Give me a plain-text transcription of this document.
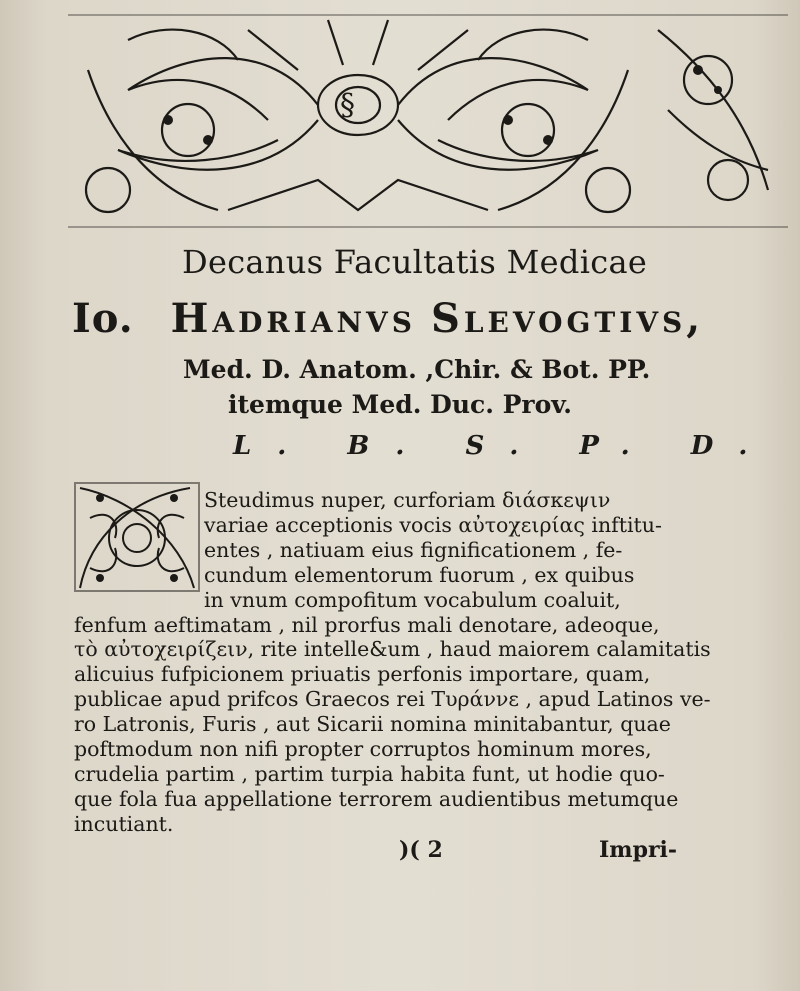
§
Decanus Facultatis Medicae
Io. Hadrianvs Slevogtivs,
Med. D. Anatom. ,Chir. & Bot. PP.
itemque Med. Duc. Prov.
L. B. S. P. D.
Steudimus nuper, curforiam διάσκεψιν
variae acceptionis vocis αὐτοχειρίας inftitu-
entes , natiuam eius fignificationem , fe-
cundum elementorum fuorum , ex quibus
in vnum compofitum vocabulum coaluit,
fenfum aeftimatam , nil prorfus mali denotare, adeoque,
τὸ αὐτοχειρίζειν, rite intelle&um , haud maiorem calamitatis
alicuius fufpicionem priuatis perfonis importare, quam,
publicae apud prifcos Graecos rei Τυράννε , apud Latinos ve-
ro Latronis, Furis , aut Sicarii nomina minitabantur, quae
poftmodum non nifi propter corruptos hominum mores,
crudelia partim , partim turpia habita funt, ut hodie quo-
que fola fua appellatione terrorem audientibus metumque
incutiant.
)( 2	Impri-
